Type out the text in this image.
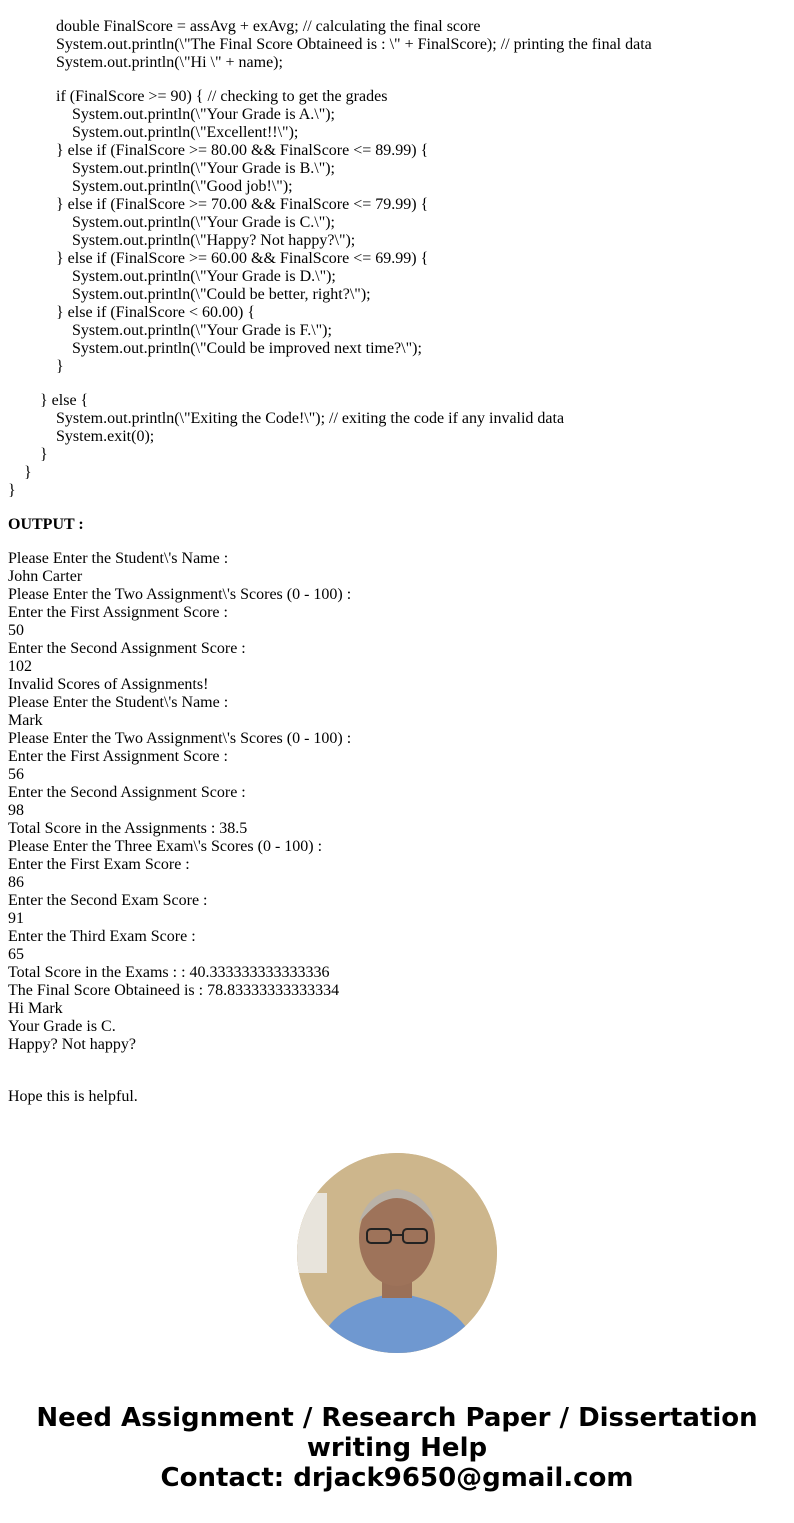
double FinalScore = assAvg + exAvg; // calculating the final score
System.out.println(\"The Final Score Obtaineed is : \" + FinalScore); // printing the final data
System.out.println(\"Hi \" + name);
if (FinalScore >= 90) { // checking to get the grades
System.out.println(\"Your Grade is A.\");
System.out.println(\"Excellent!!\");
} else if (FinalScore >= 80.00 && FinalScore <= 89.99) {
System.out.println(\"Your Grade is B.\");
System.out.println(\"Good job!\");
} else if (FinalScore >= 70.00 && FinalScore <= 79.99) {
System.out.println(\"Your Grade is C.\");
System.out.println(\"Happy? Not happy?\");
} else if (FinalScore >= 60.00 && FinalScore <= 69.99) {
System.out.println(\"Your Grade is D.\");
System.out.println(\"Could be better, right?\");
} else if (FinalScore < 60.00) {
System.out.println(\"Your Grade is F.\");
System.out.println(\"Could be improved next time?\");
}
} else {
System.out.println(\"Exiting the Code!\"); // exiting the code if any invalid data
System.exit(0);
}
}
}
OUTPUT :
Please Enter the Student\'s Name :
John Carter
Please Enter the Two Assignment\'s Scores (0 - 100) :
Enter the First Assignment Score :
50
Enter the Second Assignment Score :
102
Invalid Scores of Assignments!
Please Enter the Student\'s Name :
Mark
Please Enter the Two Assignment\'s Scores (0 - 100) :
Enter the First Assignment Score :
56
Enter the Second Assignment Score :
98
Total Score in the Assignments : 38.5
Please Enter the Three Exam\'s Scores (0 - 100) :
Enter the First Exam Score :
86
Enter the Second Exam Score :
91
Enter the Third Exam Score :
65
Total Score in the Exams : : 40.333333333333336
The Final Score Obtaineed is : 78.83333333333334
Hi Mark
Your Grade is C.
Happy? Not happy?
Hope this is helpful.
Need Assignment / Research Paper / Dissertation
writing Help
Contact: drjack9650@gmail.com
